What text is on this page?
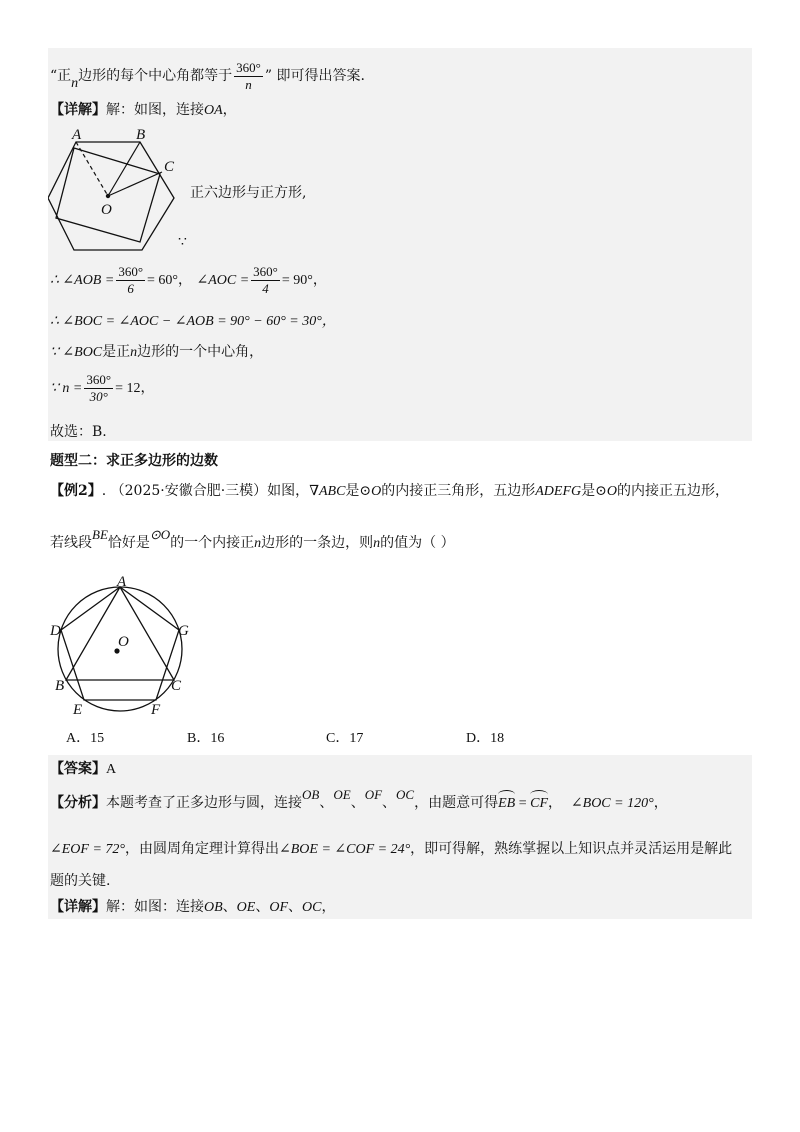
“正n边形的每个中心角都等于 $\frac{360^\circ}{n}$ ” 即可得出答案.
【详解】解：如图，连接OA，
A	B
C
O
正六边形与正方形,
∵
∴ ∠AOB = $\frac{360^\circ}{6} = 60^\circ$， ∠AOC = $\frac{360^\circ}{4} = 90^\circ$，
∴ ∠BOC = ∠AOC − ∠AOB = 90° − 60° = 30°，
∵ ∠BOC是正n边形的一个中心角，
∵ $n = \frac{360^\circ}{30^\circ} = 12$，
故选：B.
题型二：求正多边形的边数
【例2】. （2025·安徽合肥·三模）如图，∇ABC是⊙O的内接正三角形，五边形ADEFG是⊙O的内接正五边形，
若线段BE恰好是⊙O的一个内接正n边形的一条边，则n的值为（ ）
A
D	G
O
B	C
E	F
A．15	B．16	C．17	D．18
【答案】A
【分析】本题考查了正多边形与圆，连接OB、OE、OF、OC，由题意可得EB = CF， ∠BOC = 120°，
∠EOF = 72°，由圆周角定理计算得出∠BOE = ∠COF = 24°，即可得解，熟练掌握以上知识点并灵活运用是解此
题的关键.
【详解】解：如图：连接OB、OE、OF、OC，
